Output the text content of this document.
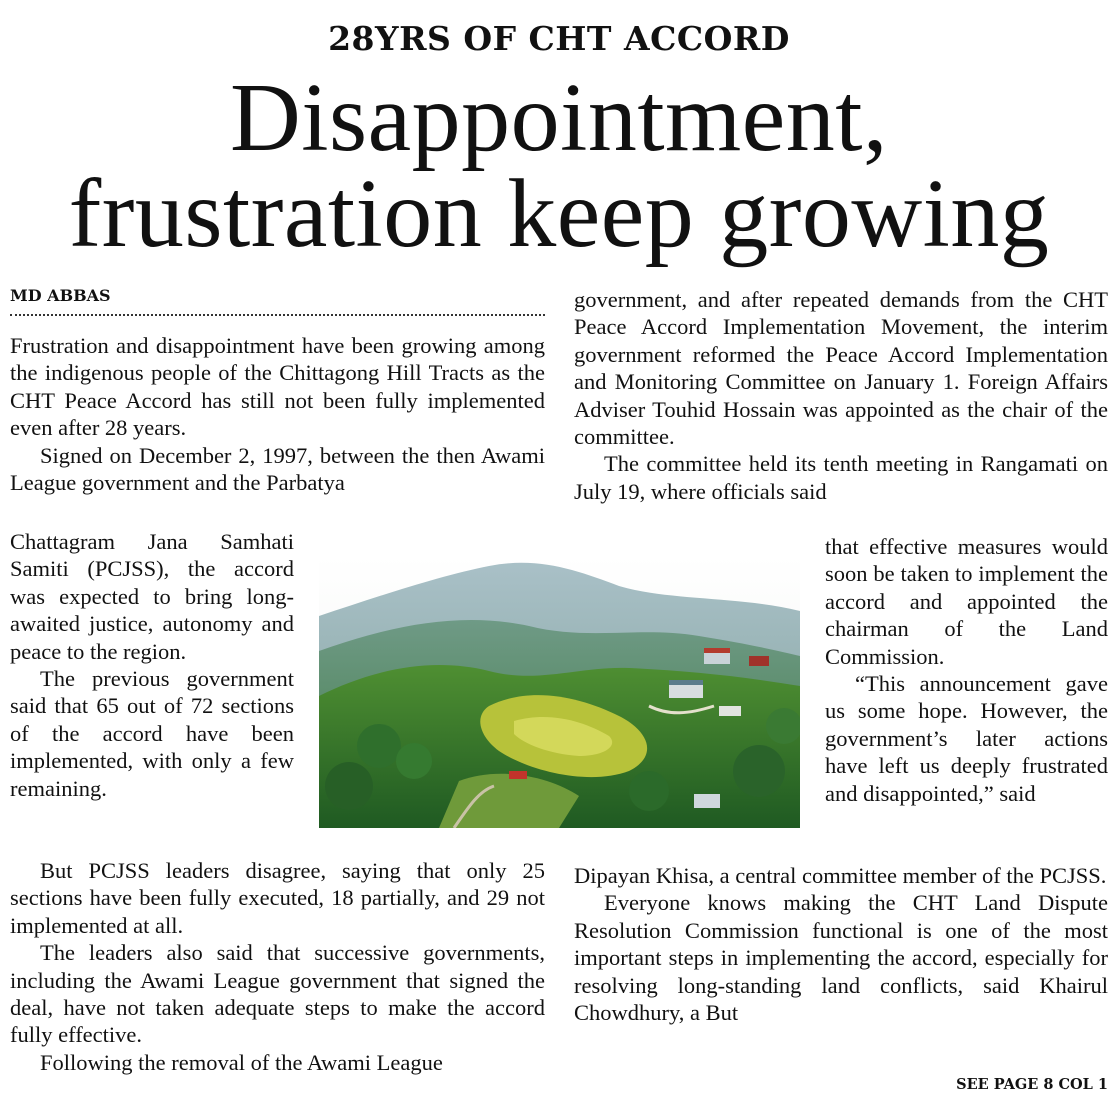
28YRS OF CHT ACCORD
Disappointment,
frustration keep growing
MD ABBAS

Frustration and disappointment have been growing among the indigenous people of the Chittagong Hill Tracts as the CHT Peace Accord has still not been fully implemented even after 28 years.

Signed on December 2, 1997, between the then Awami League government and the Parbatya

Chattagram Jana Samhati Samiti (PCJSS), the accord was expected to bring long-awaited justice, autonomy and peace to the region.

The previous government said that 65 out of 72 sections of the accord have been implemented, with only a few remaining.

But PCJSS leaders disagree, saying that only 25 sections have been fully executed, 18 partially, and 29 not implemented at all.

The leaders also said that successive governments, including the Awami League government that signed the deal, have not taken adequate steps to make the accord fully effective.

Following the removal of the Awami League

government, and after repeated demands from the CHT Peace Accord Implementation Movement, the interim government reformed the Peace Accord Implementation and Monitoring Committee on January 1. Foreign Affairs Adviser Touhid Hossain was appointed as the chair of the committee.

The committee held its tenth meeting in Rangamati on July 19, where officials said

that effective measures would soon be taken to implement the accord and appointed the chairman of the Land Commission.

“This announcement gave us some hope. However, the government’s later actions have left us deeply frustrated and disappointed,” said

Dipayan Khisa, a central committee member of the PCJSS.

Everyone knows making the CHT Land Dispute Resolution Commission functional is one of the most important steps in implementing the accord, especially for resolving long-standing land conflicts, said Khairul Chowdhury, a But

SEE PAGE 8 COL 1
